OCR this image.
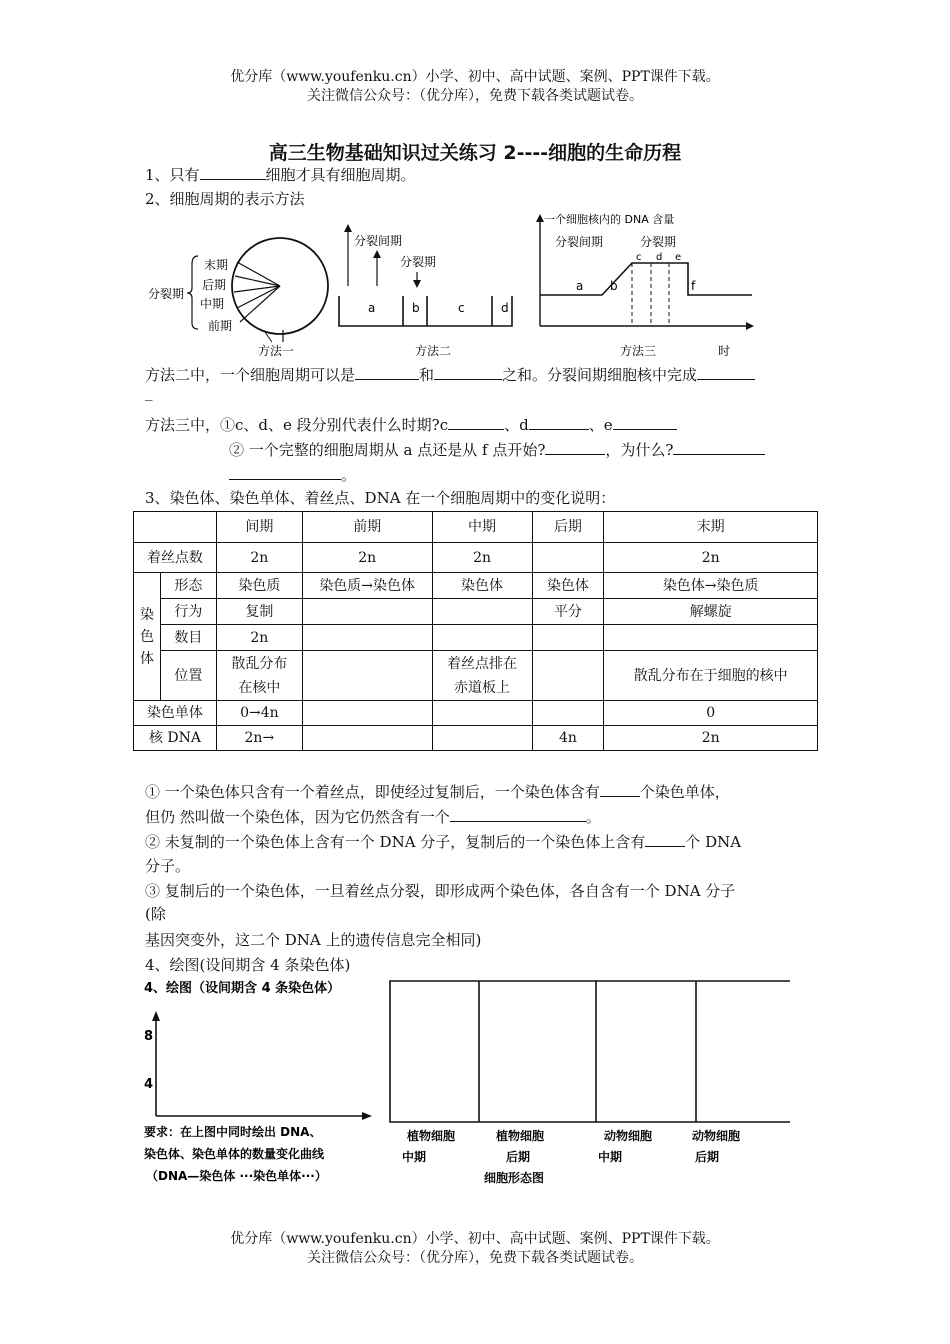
优分库（www.youfenku.cn）小学、初中、高中试题、案例、PPT课件下载。
关注微信公众号：（优分库），免费下载各类试题试卷。
高三生物基础知识过关练习 2----细胞的生命历程
1、只有	细胞才具有细胞周期。
2、细胞周期的表示方法
末期
后期
中期
前期
分裂期
方法一
a	b	c	d
分裂间期
分裂期
方法二
一个细胞核内的 DNA 含量
分裂间期	分裂期
a b
c d e
f
方法三	时
方法二中，一个细胞周期可以是	和	之和。分裂间期细胞核中完成
_
方法三中，①c、d、e 段分别代表什么时期?c	、d	、e
② 一个完整的细胞周期从 a 点还是从 f 点开始?	，为什么?
。
3、染色体、染色单体、着丝点、DNA 在一个细胞周期中的变化说明：
		间期	前期	中期	后期	末期
着丝点数		2n	2n	2n		2n
染色体	形态	染色质	染色质→染色体	染色体	染色体	染色体→染色质
	行为	复制			平分	解螺旋
	数目	2n				
	位置	散乱分布在核中		着丝点排在赤道板上		散乱分布在于细胞的核中
染色单体		0→4n				0
核 DNA		2n→			4n	2n
① 一个染色体只含有一个着丝点，即使经过复制后，一个染色体含有	个染色单体，
但仍 然叫做一个染色体，因为它仍然含有一个	。
② 未复制的一个染色体上含有一个 DNA 分子，复制后的一个染色体上含有	个 DNA
分子。
③ 复制后的一个染色体，一旦着丝点分裂，即形成两个染色体，各自含有一个 DNA 分子
(除
基因突变外，这二个 DNA 上的遗传信息完全相同)
4、绘图(设间期含 4 条染色体)
4、绘图（设间期含 4 条染色体）
8
4
要求：在上图中同时绘出 DNA、
染色体、染色单体的数量变化曲线
（DNA—染色体 ···染色单体···）
植物细胞
中期
植物细胞
后期
动物细胞
中期
动物细胞
后期
细胞形态图
优分库（www.youfenku.cn）小学、初中、高中试题、案例、PPT课件下载。
关注微信公众号：（优分库），免费下载各类试题试卷。
